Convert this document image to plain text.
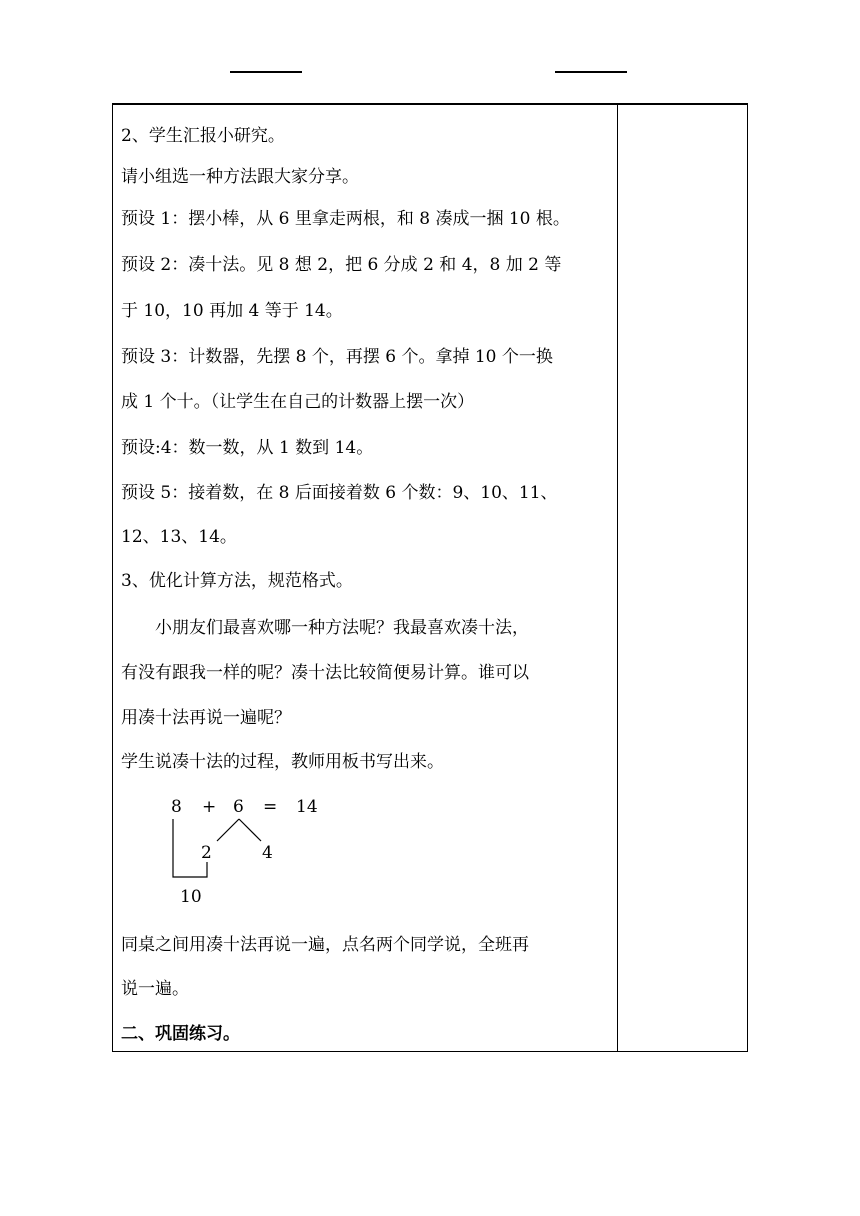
2、学生汇报小研究。
请小组选一种方法跟大家分享。
预设 1：摆小棒，从 6 里拿走两根，和 8 凑成一捆 10 根。
预设 2：凑十法。见 8 想 2，把 6 分成 2 和 4，8 加 2 等
于 10，10 再加 4 等于 14。
预设 3：计数器，先摆 8 个，再摆 6 个。拿掉 10 个一换
成 1 个十。（让学生在自己的计数器上摆一次）
预设:4：数一数，从 1 数到 14。
预设 5：接着数，在 8 后面接着数 6 个数：9、10、11、
12、13、14。
3、优化计算方法，规范格式。
　　小朋友们最喜欢哪一种方法呢？我最喜欢凑十法，
有没有跟我一样的呢？凑十法比较简便易计算。谁可以
用凑十法再说一遍呢？
学生说凑十法的过程，教师用板书写出来。
8 + 6 = 14
2	4
10
同桌之间用凑十法再说一遍，点名两个同学说，全班再
说一遍。
二、巩固练习。
